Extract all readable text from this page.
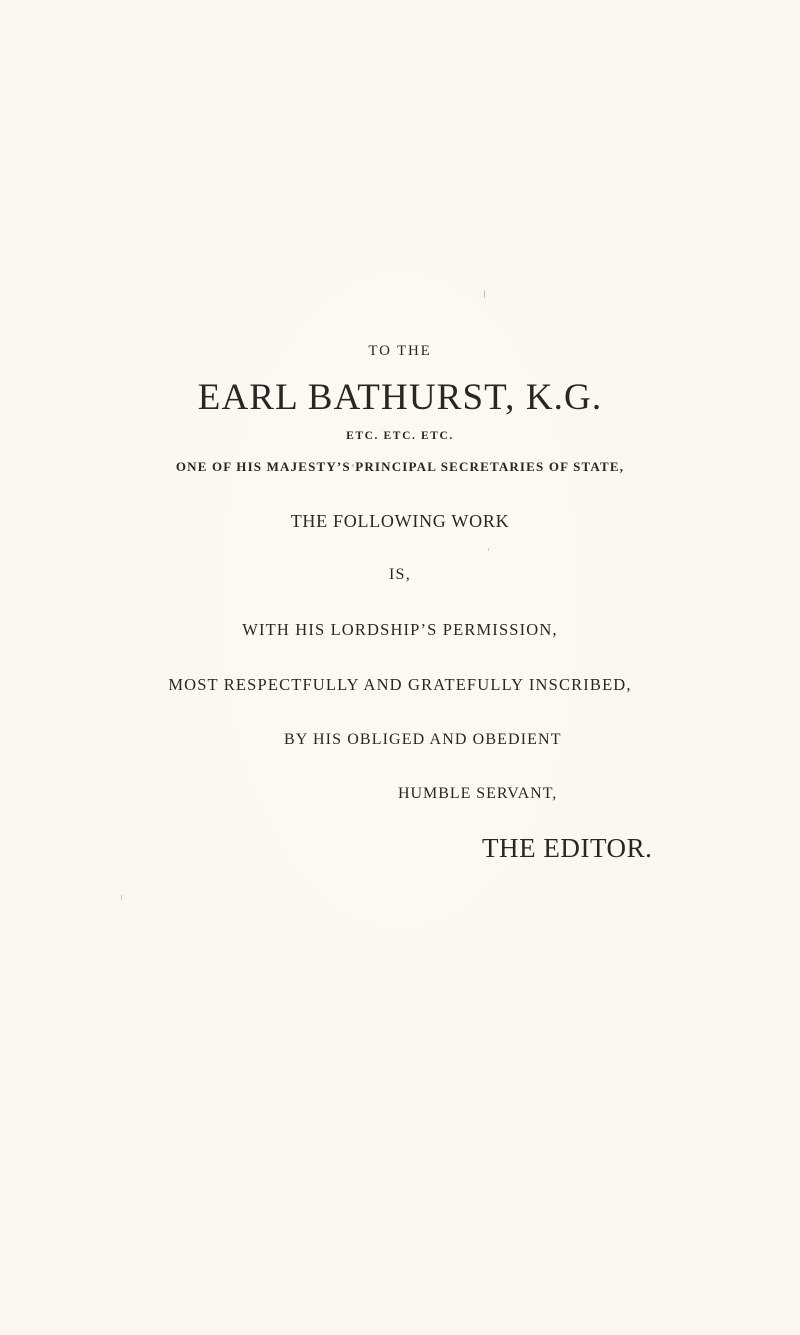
TO THE
EARL BATHURST, K.G.
ETC. ETC. ETC.
ONE OF HIS MAJESTY’S PRINCIPAL SECRETARIES OF STATE,
THE FOLLOWING WORK
IS,
WITH HIS LORDSHIP’S PERMISSION,
MOST RESPECTFULLY AND GRATEFULLY INSCRIBED,
BY HIS OBLIGED AND OBEDIENT
HUMBLE SERVANT,
THE EDITOR.
